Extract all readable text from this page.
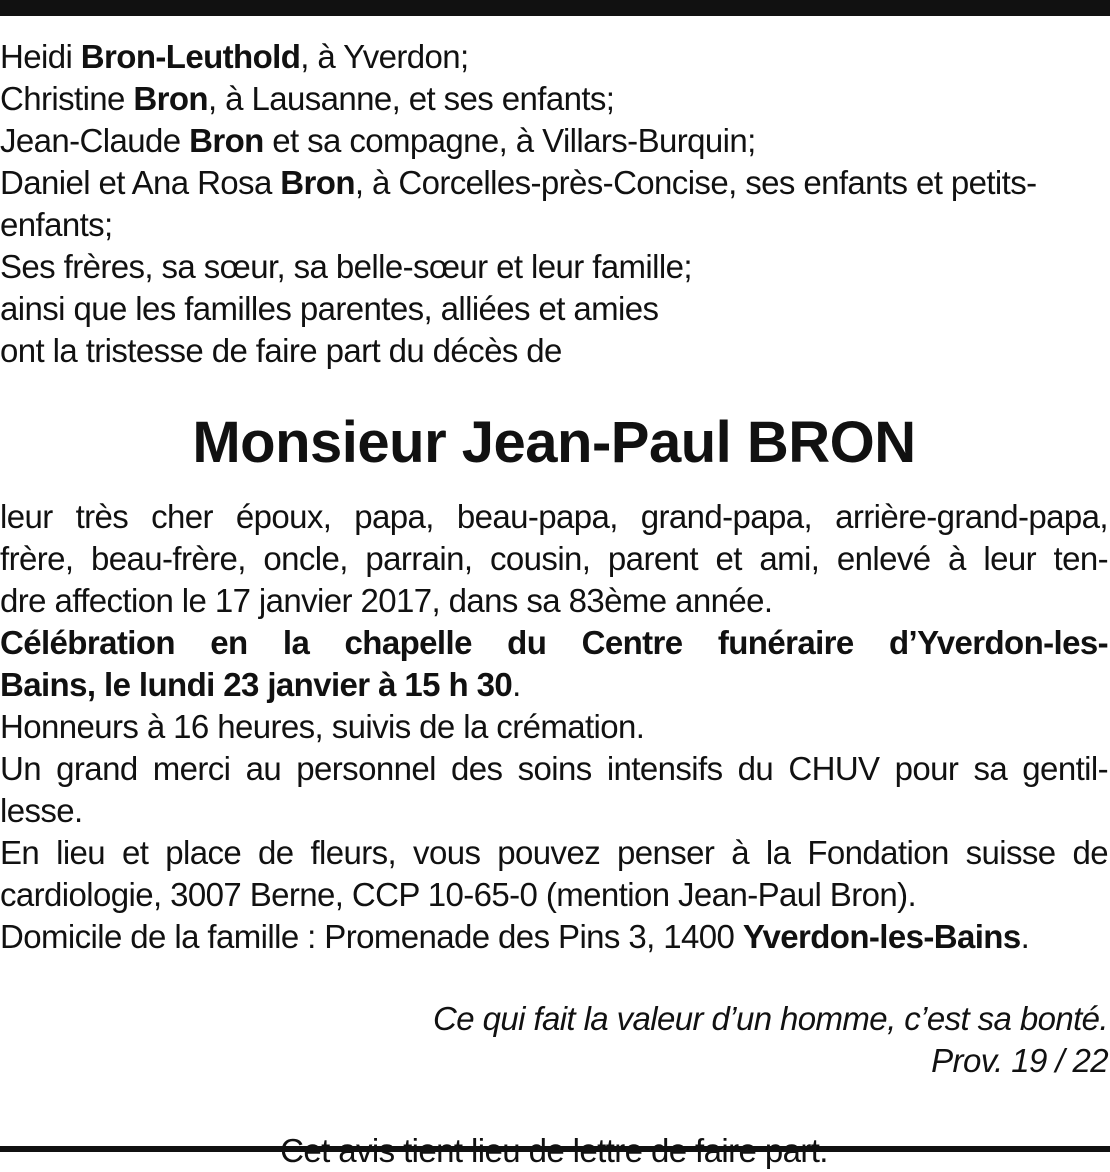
Heidi Bron-Leuthold, à Yverdon;
Christine Bron, à Lausanne, et ses enfants;
Jean-Claude Bron et sa compagne, à Villars-Burquin;
Daniel et Ana Rosa Bron, à Corcelles-près-Concise, ses enfants et petits-
enfants;
Ses frères, sa sœur, sa belle-sœur et leur famille;
ainsi que les familles parentes, alliées et amies
ont la tristesse de faire part du décès de
Monsieur Jean-Paul BRON
leur très cher époux, papa, beau-papa, grand-papa, arrière-grand-papa,
frère, beau-frère, oncle, parrain, cousin, parent et ami, enlevé à leur ten-
dre affection le 17 janvier 2017, dans sa 83ème année.
Célébration en la chapelle du Centre funéraire d’Yverdon-les-
Bains, le lundi 23 janvier à 15 h 30.
Honneurs à 16 heures, suivis de la crémation.
Un grand merci au personnel des soins intensifs du CHUV pour sa gentil-
lesse.
En lieu et place de fleurs, vous pouvez penser à la Fondation suisse de
cardiologie, 3007 Berne, CCP 10-65-0 (mention Jean-Paul Bron).
Domicile de la famille : Promenade des Pins 3, 1400 Yverdon-les-Bains.
Ce qui fait la valeur d’un homme, c’est sa bonté.
Prov. 19 / 22
